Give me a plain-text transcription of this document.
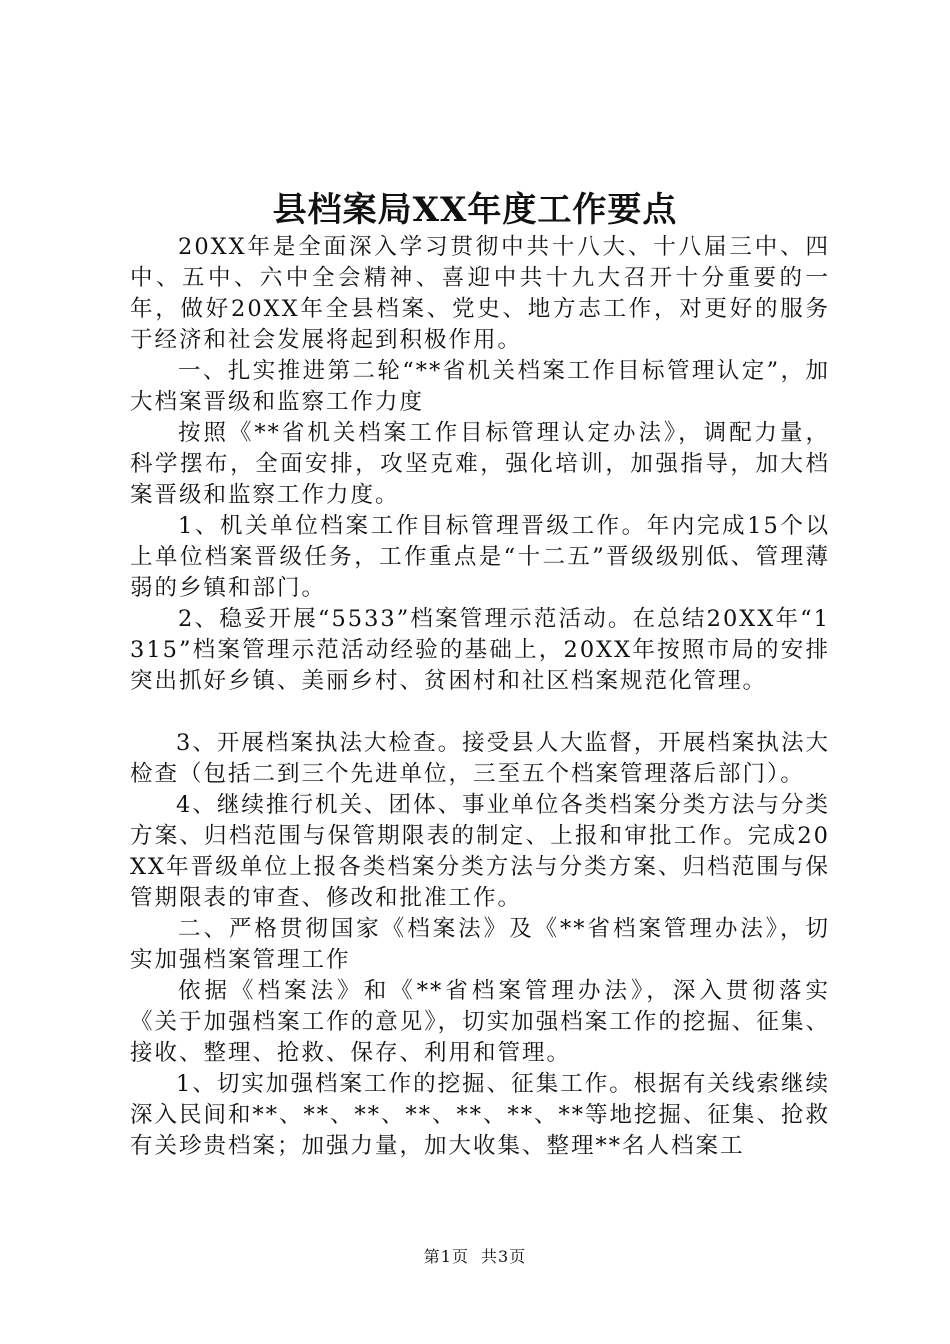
县档案局XX年度工作要点

20XX年是全面深入学习贯彻中共十八大、十八届三中、四中、五中、六中全会精神、喜迎中共十九大召开十分重要的一年，做好20XX年全县档案、党史、地方志工作，对更好的服务于经济和社会发展将起到积极作用。

一、扎实推进第二轮“**省机关档案工作目标管理认定”，加大档案晋级和监察工作力度

按照《**省机关档案工作目标管理认定办法》，调配力量，科学摆布，全面安排，攻坚克难，强化培训，加强指导，加大档案晋级和监察工作力度。

1、机关单位档案工作目标管理晋级工作。年内完成15个以上单位档案晋级任务，工作重点是“十二五”晋级级别低、管理薄弱的乡镇和部门。

2、稳妥开展“5533”档案管理示范活动。在总结20XX年“1315”档案管理示范活动经验的基础上，20XX年按照市局的安排突出抓好乡镇、美丽乡村、贫困村和社区档案规范化管理。

3、开展档案执法大检查。接受县人大监督，开展档案执法大检查（包括二到三个先进单位，三至五个档案管理落后部门）。

4、继续推行机关、团体、事业单位各类档案分类方法与分类方案、归档范围与保管期限表的制定、上报和审批工作。完成20XX年晋级单位上报各类档案分类方法与分类方案、归档范围与保管期限表的审查、修改和批准工作。

二、严格贯彻国家《档案法》及《**省档案管理办法》，切实加强档案管理工作

依据《档案法》和《**省档案管理办法》，深入贯彻落实《关于加强档案工作的意见》，切实加强档案工作的挖掘、征集、接收、整理、抢救、保存、利用和管理。

1、切实加强档案工作的挖掘、征集工作。根据有关线索继续深入民间和**、**、**、**、**、**、**等地挖掘、征集、抢救有关珍贵档案；加强力量，加大收集、整理**名人档案工

第1页 共3页
